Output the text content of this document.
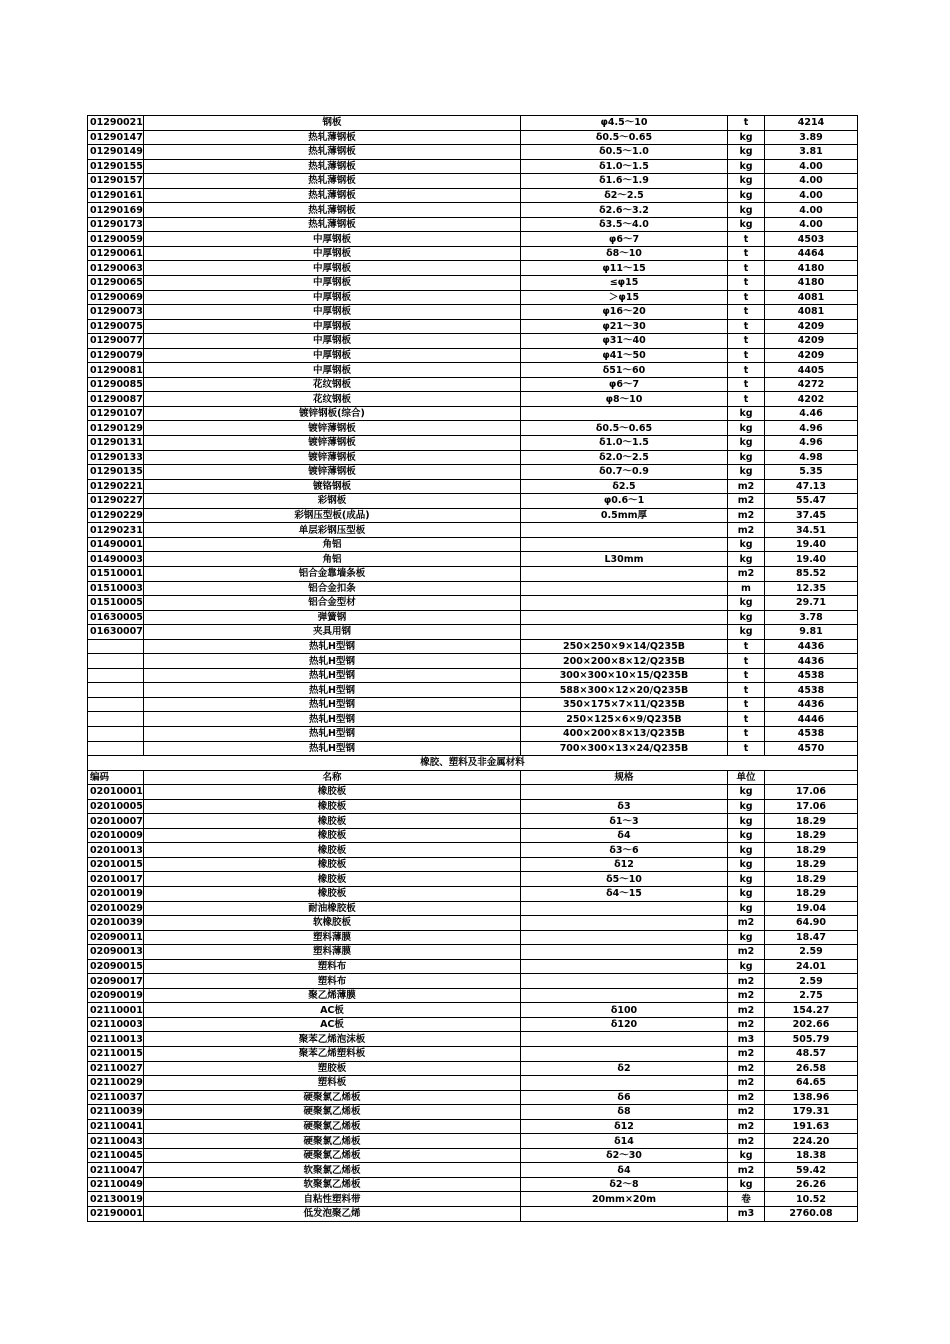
01290021	钢板	φ4.5～10	t	4214
01290147	热轧薄钢板	δ0.5～0.65	kg	3.89
01290149	热轧薄钢板	δ0.5～1.0	kg	3.81
01290155	热轧薄钢板	δ1.0～1.5	kg	4.00
01290157	热轧薄钢板	δ1.6～1.9	kg	4.00
01290161	热轧薄钢板	δ2～2.5	kg	4.00
01290169	热轧薄钢板	δ2.6～3.2	kg	4.00
01290173	热轧薄钢板	δ3.5～4.0	kg	4.00
01290059	中厚钢板	φ6～7	t	4503
01290061	中厚钢板	δ8～10	t	4464
01290063	中厚钢板	φ11～15	t	4180
01290065	中厚钢板	≤φ15	t	4180
01290069	中厚钢板	＞φ15	t	4081
01290073	中厚钢板	φ16～20	t	4081
01290075	中厚钢板	φ21～30	t	4209
01290077	中厚钢板	φ31～40	t	4209
01290079	中厚钢板	φ41～50	t	4209
01290081	中厚钢板	δ51～60	t	4405
01290085	花纹钢板	φ6～7	t	4272
01290087	花纹钢板	φ8～10	t	4202
01290107	镀锌钢板(综合)		kg	4.46
01290129	镀锌薄钢板	δ0.5～0.65	kg	4.96
01290131	镀锌薄钢板	δ1.0～1.5	kg	4.96
01290133	镀锌薄钢板	δ2.0～2.5	kg	4.98
01290135	镀锌薄钢板	δ0.7～0.9	kg	5.35
01290221	镀铬钢板	δ2.5	m2	47.13
01290227	彩钢板	φ0.6～1	m2	55.47
01290229	彩钢压型板(成品)	0.5mm厚	m2	37.45
01290231	单层彩钢压型板		m2	34.51
01490001	角铝		kg	19.40
01490003	角铝	L30mm	kg	19.40
01510001	铝合金靠墙条板		m2	85.52
01510003	铝合金扣条		m	12.35
01510005	铝合金型材		kg	29.71
01630005	弹簧钢		kg	3.78
01630007	夹具用钢		kg	9.81
	热轧H型钢	250×250×9×14/Q235B	t	4436
	热轧H型钢	200×200×8×12/Q235B	t	4436
	热轧H型钢	300×300×10×15/Q235B	t	4538
	热轧H型钢	588×300×12×20/Q235B	t	4538
	热轧H型钢	350×175×7×11/Q235B	t	4436
	热轧H型钢	250×125×6×9/Q235B	t	4446
	热轧H型钢	400×200×8×13/Q235B	t	4538
	热轧H型钢	700×300×13×24/Q235B	t	4570
橡胶、塑料及非金属材料				
编码	名称	规格	单位	
02010001	橡胶板		kg	17.06
02010005	橡胶板	δ3	kg	17.06
02010007	橡胶板	δ1～3	kg	18.29
02010009	橡胶板	δ4	kg	18.29
02010013	橡胶板	δ3～6	kg	18.29
02010015	橡胶板	δ12	kg	18.29
02010017	橡胶板	δ5～10	kg	18.29
02010019	橡胶板	δ4～15	kg	18.29
02010029	耐油橡胶板		kg	19.04
02010039	软橡胶板		m2	64.90
02090011	塑料薄膜		kg	18.47
02090013	塑料薄膜		m2	2.59
02090015	塑料布		kg	24.01
02090017	塑料布		m2	2.59
02090019	聚乙烯薄膜		m2	2.75
02110001	AC板	δ100	m2	154.27
02110003	AC板	δ120	m2	202.66
02110013	聚苯乙烯泡沫板		m3	505.79
02110015	聚苯乙烯塑料板		m2	48.57
02110027	塑胶板	δ2	m2	26.58
02110029	塑料板		m2	64.65
02110037	硬聚氯乙烯板	δ6	m2	138.96
02110039	硬聚氯乙烯板	δ8	m2	179.31
02110041	硬聚氯乙烯板	δ12	m2	191.63
02110043	硬聚氯乙烯板	δ14	m2	224.20
02110045	硬聚氯乙烯板	δ2～30	kg	18.38
02110047	软聚氯乙烯板	δ4	m2	59.42
02110049	软聚氯乙烯板	δ2～8	kg	26.26
02130019	自粘性塑料带	20mm×20m	卷	10.52
02190001	低发泡聚乙烯		m3	2760.08
